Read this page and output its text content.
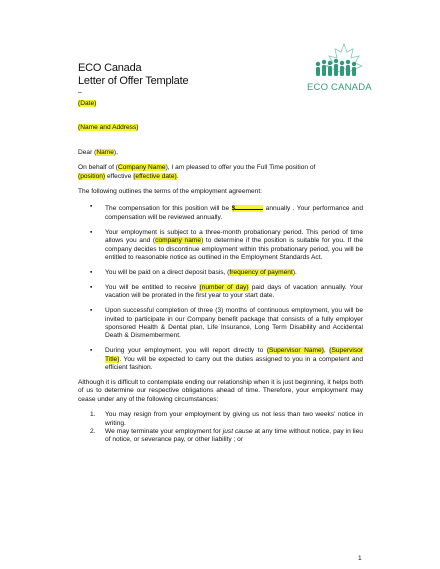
ECO Canada
Letter of Offer Template
–	ECO CANADA

(Date)

(Name and Address)

Dear (Name),

On behalf of (Company Name), I am pleased to offer you the Full Time position of
(position) effective (effective date).

The following outlines the terms of the employment agreement:

▪ The compensation for this position will be $	annually . Your performance and compensation will be reviewed annually.
▪ Your employment is subject to a three-month probationary period. This period of time allows you and (company name) to determine if the position is suitable for you. If the company decides to discontinue employment within this probationary period, you will be entitled to reasonable notice as outlined in the Employment Standards Act.
▪ You will be paid on a direct deposit basis, (frequency of payment).
▪ You will be entitled to receive (number of day) paid days of vacation annually. Your vacation will be prorated in the first year to your start date.
▪ Upon successful completion of three (3) months of continuous employment, you will be invited to participate in our Company benefit package that consists of a fully employer sponsored Health & Dental plan, Life Insurance, Long Term Disability and Accidental Death & Dismemberment.
▪ During your employment, you will report directly to (Supervisor Name), (Supervisor Title). You will be expected to carry out the duties assigned to you in a competent and efficient fashion.

Although it is difficult to contemplate ending our relationship when it is just beginning, it helps both of us to determine our respective obligations ahead of time. Therefore, your employment may cease under any of the following circumstances:

1. You may resign from your employment by giving us not less than two weeks' notice in writing.
2. We may terminate your employment for just cause at any time without notice, pay in lieu of notice, or severance pay, or other liability ; or
1
